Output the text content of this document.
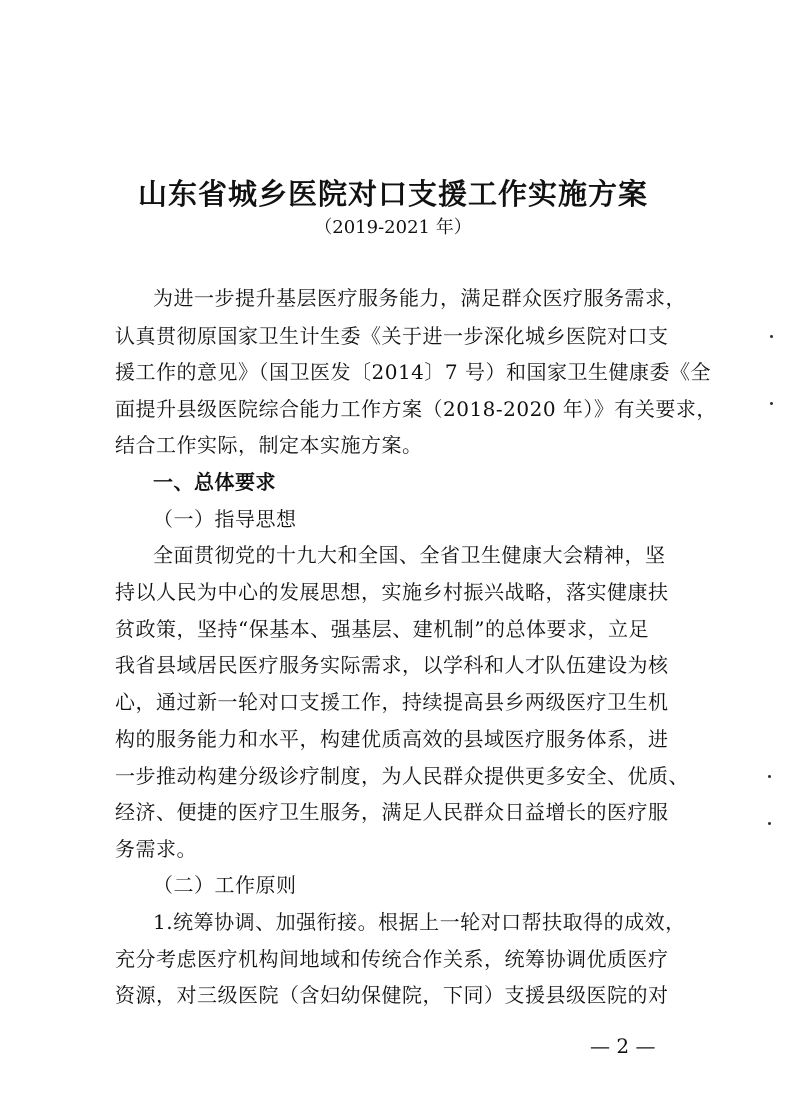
山东省城乡医院对口支援工作实施方案
（2019-2021 年）
为进一步提升基层医疗服务能力，满足群众医疗服务需求，
认真贯彻原国家卫生计生委《关于进一步深化城乡医院对口支
援工作的意见》（国卫医发〔2014〕7 号）和国家卫生健康委《全
面提升县级医院综合能力工作方案（2018-2020 年）》有关要求，
结合工作实际，制定本实施方案。
一、总体要求
（一）指导思想
全面贯彻党的十九大和全国、全省卫生健康大会精神，坚
持以人民为中心的发展思想，实施乡村振兴战略，落实健康扶
贫政策，坚持“保基本、强基层、建机制”的总体要求，立足
我省县域居民医疗服务实际需求，以学科和人才队伍建设为核
心，通过新一轮对口支援工作，持续提高县乡两级医疗卫生机
构的服务能力和水平，构建优质高效的县域医疗服务体系，进
一步推动构建分级诊疗制度，为人民群众提供更多安全、优质、
经济、便捷的医疗卫生服务，满足人民群众日益增长的医疗服
务需求。
（二）工作原则
1.统筹协调、加强衔接。根据上一轮对口帮扶取得的成效，
充分考虑医疗机构间地域和传统合作关系，统筹协调优质医疗
资源，对三级医院（含妇幼保健院，下同）支援县级医院的对
— 2 —
